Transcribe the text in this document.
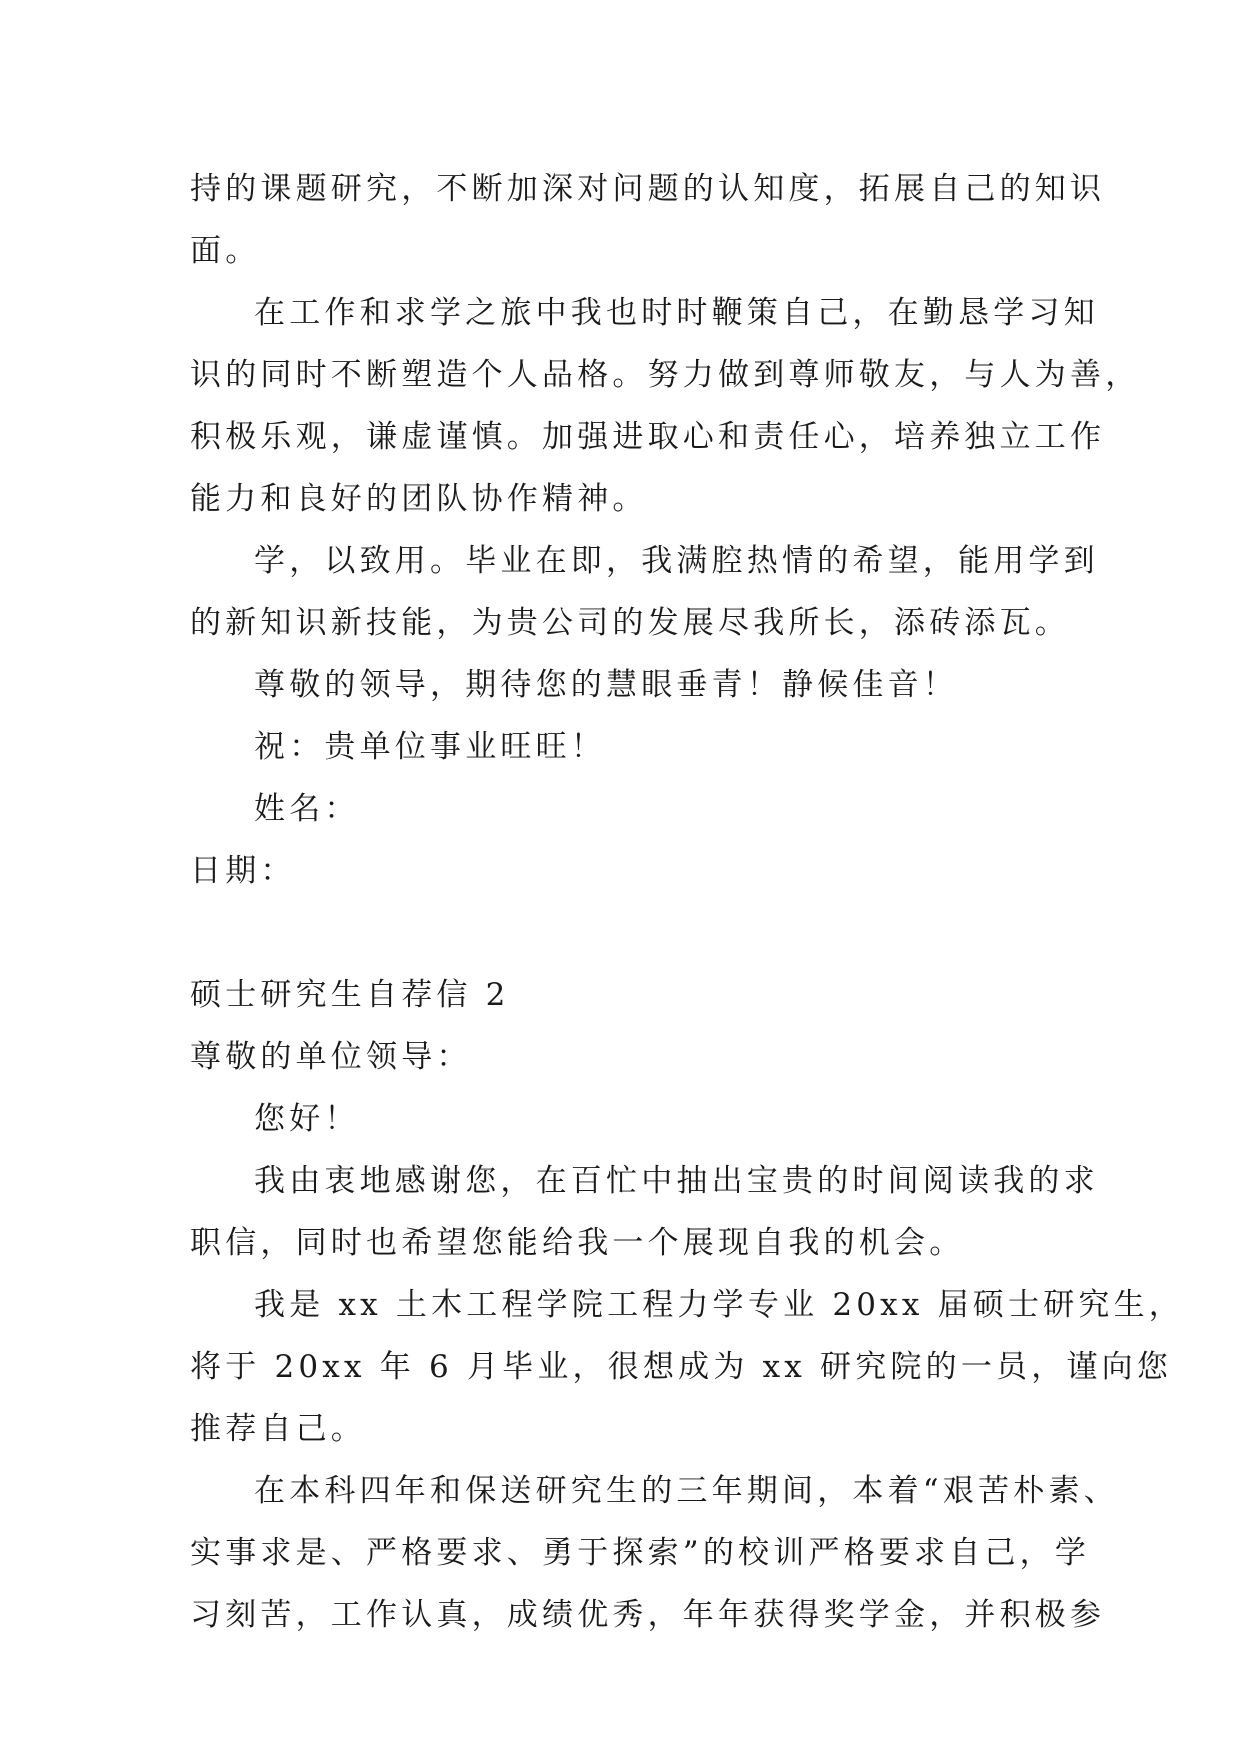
持的课题研究，不断加深对问题的认知度，拓展自己的知识
面。
在工作和求学之旅中我也时时鞭策自己，在勤恳学习知
识的同时不断塑造个人品格。努力做到尊师敬友，与人为善，
积极乐观，谦虚谨慎。加强进取心和责任心，培养独立工作
能力和良好的团队协作精神。
学，以致用。毕业在即，我满腔热情的希望，能用学到
的新知识新技能，为贵公司的发展尽我所长，添砖添瓦。
尊敬的领导，期待您的慧眼垂青！静候佳音！
祝：贵单位事业旺旺！
姓名：
日期：
硕士研究生自荐信 2
尊敬的单位领导：
您好！
我由衷地感谢您，在百忙中抽出宝贵的时间阅读我的求
职信，同时也希望您能给我一个展现自我的机会。
我是 xx 土木工程学院工程力学专业 20xx 届硕士研究生，
将于 20xx 年 6 月毕业，很想成为 xx 研究院的一员，谨向您
推荐自己。
在本科四年和保送研究生的三年期间，本着“艰苦朴素、
实事求是、严格要求、勇于探索”的校训严格要求自己，学
习刻苦，工作认真，成绩优秀，年年获得奖学金，并积极参
